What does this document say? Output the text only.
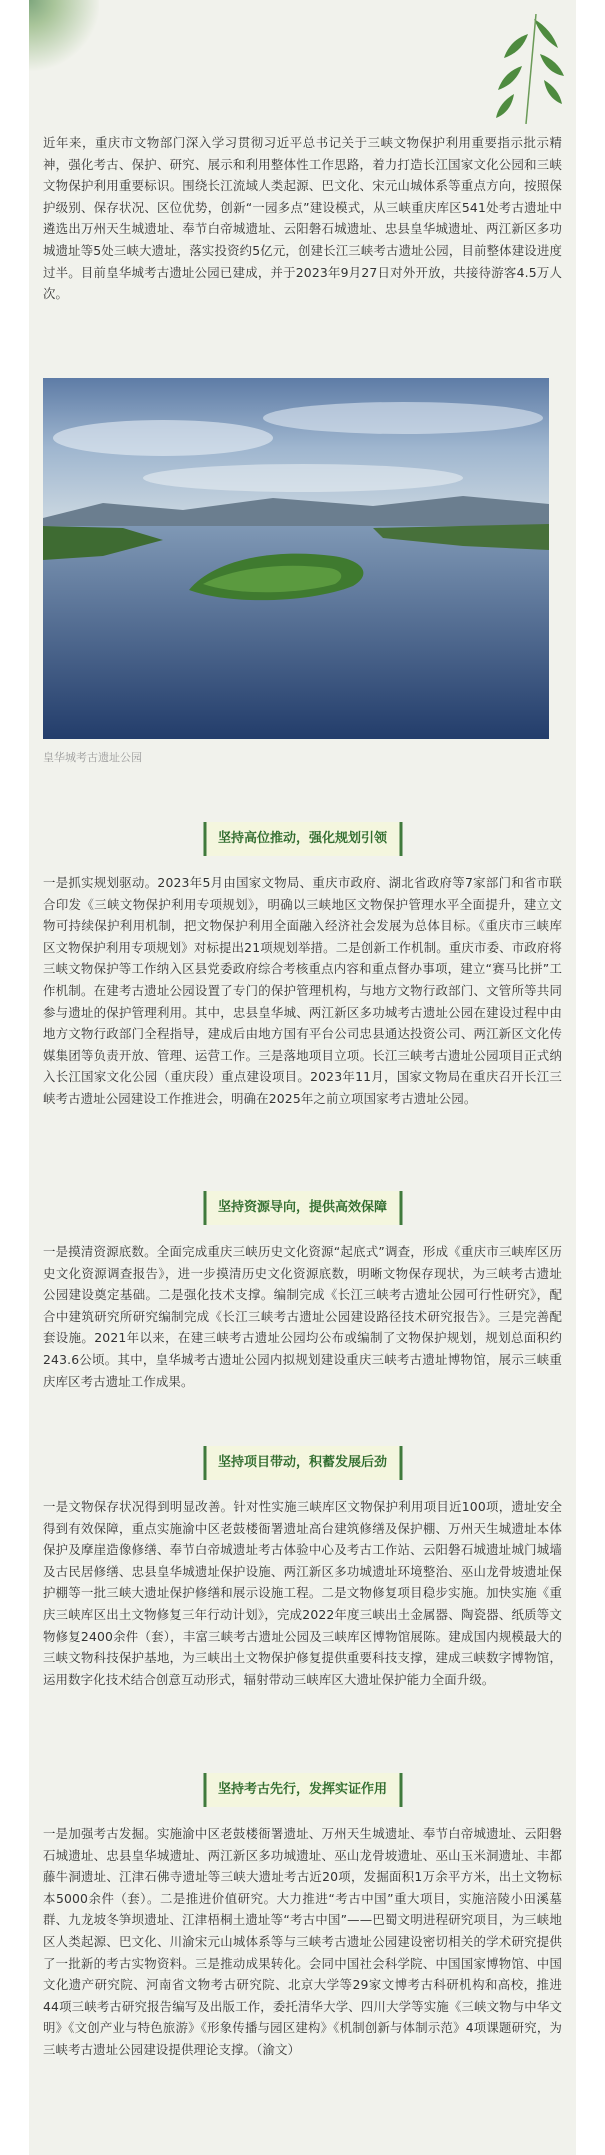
近年来，重庆市文物部门深入学习贯彻习近平总书记关于三峡文物保护利用重要指示批示精神，强化考古、保护、研究、展示和利用整体性工作思路，着力打造长江国家文化公园和三峡文物保护利用重要标识。围绕长江流域人类起源、巴文化、宋元山城体系等重点方向，按照保护级别、保存状况、区位优势，创新“一园多点”建设模式，从三峡重庆库区541处考古遗址中遴选出万州天生城遗址、奉节白帝城遗址、云阳磐石城遗址、忠县皇华城遗址、两江新区多功城遗址等5处三峡大遗址，落实投资约5亿元，创建长江三峡考古遗址公园，目前整体建设进度过半。目前皇华城考古遗址公园已建成，并于2023年9月27日对外开放，共接待游客4.5万人次。

皇华城考古遗址公园
坚持高位推动，强化规划引领

一是抓实规划驱动。2023年5月由国家文物局、重庆市政府、湖北省政府等7家部门和省市联合印发《三峡文物保护利用专项规划》，明确以三峡地区文物保护管理水平全面提升，建立文物可持续保护利用机制，把文物保护利用全面融入经济社会发展为总体目标。《重庆市三峡库区文物保护利用专项规划》对标提出21项规划举措。二是创新工作机制。重庆市委、市政府将三峡文物保护等工作纳入区县党委政府综合考核重点内容和重点督办事项，建立“赛马比拼”工作机制。在建考古遗址公园设置了专门的保护管理机构，与地方文物行政部门、文管所等共同参与遗址的保护管理利用。其中，忠县皇华城、两江新区多功城考古遗址公园在建设过程中由地方文物行政部门全程指导，建成后由地方国有平台公司忠县通达投资公司、两江新区文化传媒集团等负责开放、管理、运营工作。三是落地项目立项。长江三峡考古遗址公园项目正式纳入长江国家文化公园（重庆段）重点建设项目。2023年11月，国家文物局在重庆召开长江三峡考古遗址公园建设工作推进会，明确在2025年之前立项国家考古遗址公园。

坚持资源导向，提供高效保障

一是摸清资源底数。全面完成重庆三峡历史文化资源“起底式”调查，形成《重庆市三峡库区历史文化资源调查报告》，进一步摸清历史文化资源底数，明晰文物保存现状，为三峡考古遗址公园建设奠定基础。二是强化技术支撑。编制完成《长江三峡考古遗址公园可行性研究》，配合中建筑研究所研究编制完成《长江三峡考古遗址公园建设路径技术研究报告》。三是完善配套设施。2021年以来，在建三峡考古遗址公园均公布或编制了文物保护规划，规划总面积约243.6公顷。其中，皇华城考古遗址公园内拟规划建设重庆三峡考古遗址博物馆，展示三峡重庆库区考古遗址工作成果。

坚持项目带动，积蓄发展后劲

一是文物保存状况得到明显改善。针对性实施三峡库区文物保护利用项目近100项，遗址安全得到有效保障，重点实施渝中区老鼓楼衙署遗址高台建筑修缮及保护棚、万州天生城遗址本体保护及摩崖造像修缮、奉节白帝城遗址考古体验中心及考古工作站、云阳磐石城遗址城门城墙及古民居修缮、忠县皇华城遗址保护设施、两江新区多功城遗址环境整治、巫山龙骨坡遗址保护棚等一批三峡大遗址保护修缮和展示设施工程。二是文物修复项目稳步实施。加快实施《重庆三峡库区出土文物修复三年行动计划》，完成2022年度三峡出土金属器、陶瓷器、纸质等文物修复2400余件（套），丰富三峡考古遗址公园及三峡库区博物馆展陈。建成国内规模最大的三峡文物科技保护基地，为三峡出土文物保护修复提供重要科技支撑，建成三峡数字博物馆，运用数字化技术结合创意互动形式，辐射带动三峡库区大遗址保护能力全面升级。

坚持考古先行，发挥实证作用

一是加强考古发掘。实施渝中区老鼓楼衙署遗址、万州天生城遗址、奉节白帝城遗址、云阳磐石城遗址、忠县皇华城遗址、两江新区多功城遗址、巫山龙骨坡遗址、巫山玉米洞遗址、丰都藤牛洞遗址、江津石佛寺遗址等三峡大遗址考古近20项，发掘面积1万余平方米，出土文物标本5000余件（套）。二是推进价值研究。大力推进“考古中国”重大项目，实施涪陵小田溪墓群、九龙坡冬笋坝遗址、江津梧桐土遗址等“考古中国”——巴蜀文明进程研究项目，为三峡地区人类起源、巴文化、川渝宋元山城体系等与三峡考古遗址公园建设密切相关的学术研究提供了一批新的考古实物资料。三是推动成果转化。会同中国社会科学院、中国国家博物馆、中国文化遗产研究院、河南省文物考古研究院、北京大学等29家文博考古科研机构和高校，推进44项三峡考古研究报告编写及出版工作，委托清华大学、四川大学等实施《三峡文物与中华文明》《文创产业与特色旅游》《形象传播与园区建构》《机制创新与体制示范》4项课题研究，为三峡考古遗址公园建设提供理论支撑。（渝文）
